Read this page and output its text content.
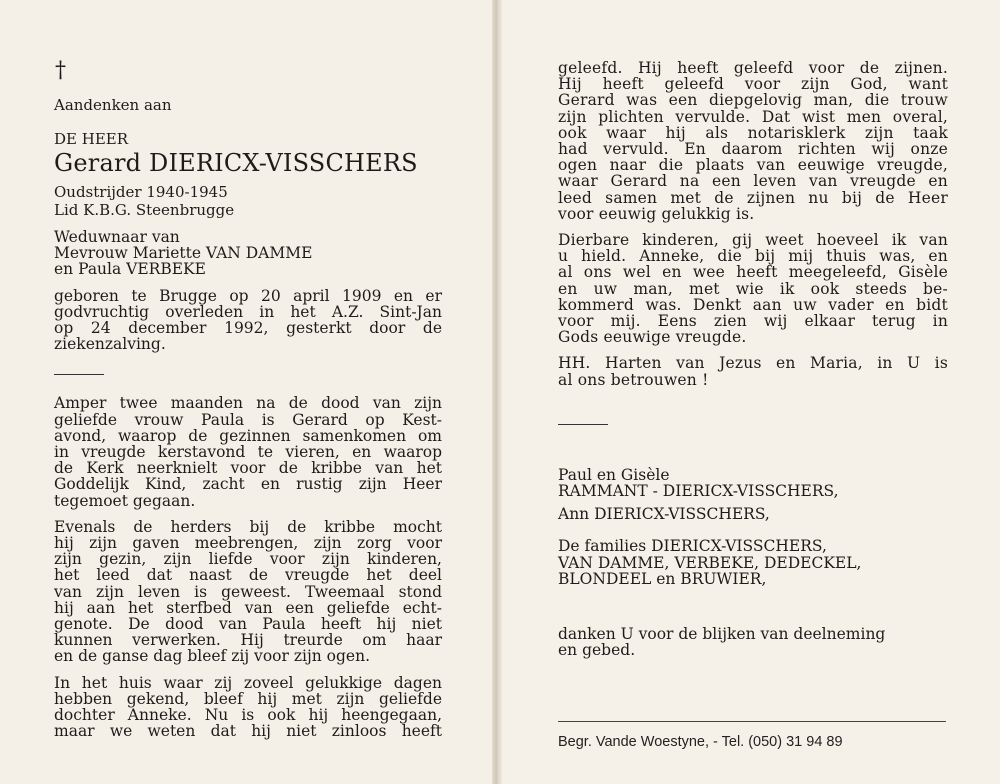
†
Aandenken aan
DE HEER
Gerard DIERICX-VISSCHERS
Oudstrijder 1940-1945
Lid K.B.G. Steenbrugge
Weduwnaar van
Mevrouw Mariette VAN DAMME
en Paula VERBEKE
geboren te Brugge op 20 april 1909 en er
godvruchtig overleden in het A.Z. Sint-Jan
op 24 december 1992, gesterkt door de
ziekenzalving.
Amper twee maanden na de dood van zijn
geliefde vrouw Paula is Gerard op Kest-
avond, waarop de gezinnen samenkomen om
in vreugde kerstavond te vieren, en waarop
de Kerk neerknielt voor de kribbe van het
Goddelijk Kind, zacht en rustig zijn Heer
tegemoet gegaan.
Evenals de herders bij de kribbe mocht
hij zijn gaven meebrengen, zijn zorg voor
zijn gezin, zijn liefde voor zijn kinderen,
het leed dat naast de vreugde het deel
van zijn leven is geweest. Tweemaal stond
hij aan het sterfbed van een geliefde echt-
genote. De dood van Paula heeft hij niet
kunnen verwerken. Hij treurde om haar
en de ganse dag bleef zij voor zijn ogen.
In het huis waar zij zoveel gelukkige dagen
hebben gekend, bleef hij met zijn geliefde
dochter Anneke. Nu is ook hij heengegaan,
maar we weten dat hij niet zinloos heeft
geleefd. Hij heeft geleefd voor de zijnen.
Hij heeft geleefd voor zijn God, want
Gerard was een diepgelovig man, die trouw
zijn plichten vervulde. Dat wist men overal,
ook waar hij als notarisklerk zijn taak
had vervuld. En daarom richten wij onze
ogen naar die plaats van eeuwige vreugde,
waar Gerard na een leven van vreugde en
leed samen met de zijnen nu bij de Heer
voor eeuwig gelukkig is.
Dierbare kinderen, gij weet hoeveel ik van
u hield. Anneke, die bij mij thuis was, en
al ons wel en wee heeft meegeleefd, Gisèle
en uw man, met wie ik ook steeds be-
kommerd was. Denkt aan uw vader en bidt
voor mij. Eens zien wij elkaar terug in
Gods eeuwige vreugde.
HH. Harten van Jezus en Maria, in U is
al ons betrouwen !
Paul en Gisèle
RAMMANT - DIERICX-VISSCHERS,
Ann DIERICX-VISSCHERS,
De families DIERICX-VISSCHERS,
VAN DAMME, VERBEKE, DEDECKEL,
BLONDEEL en BRUWIER,
danken U voor de blijken van deelneming
en gebed.
Begr. Vande Woestyne, - Tel. (050) 31 94 89
